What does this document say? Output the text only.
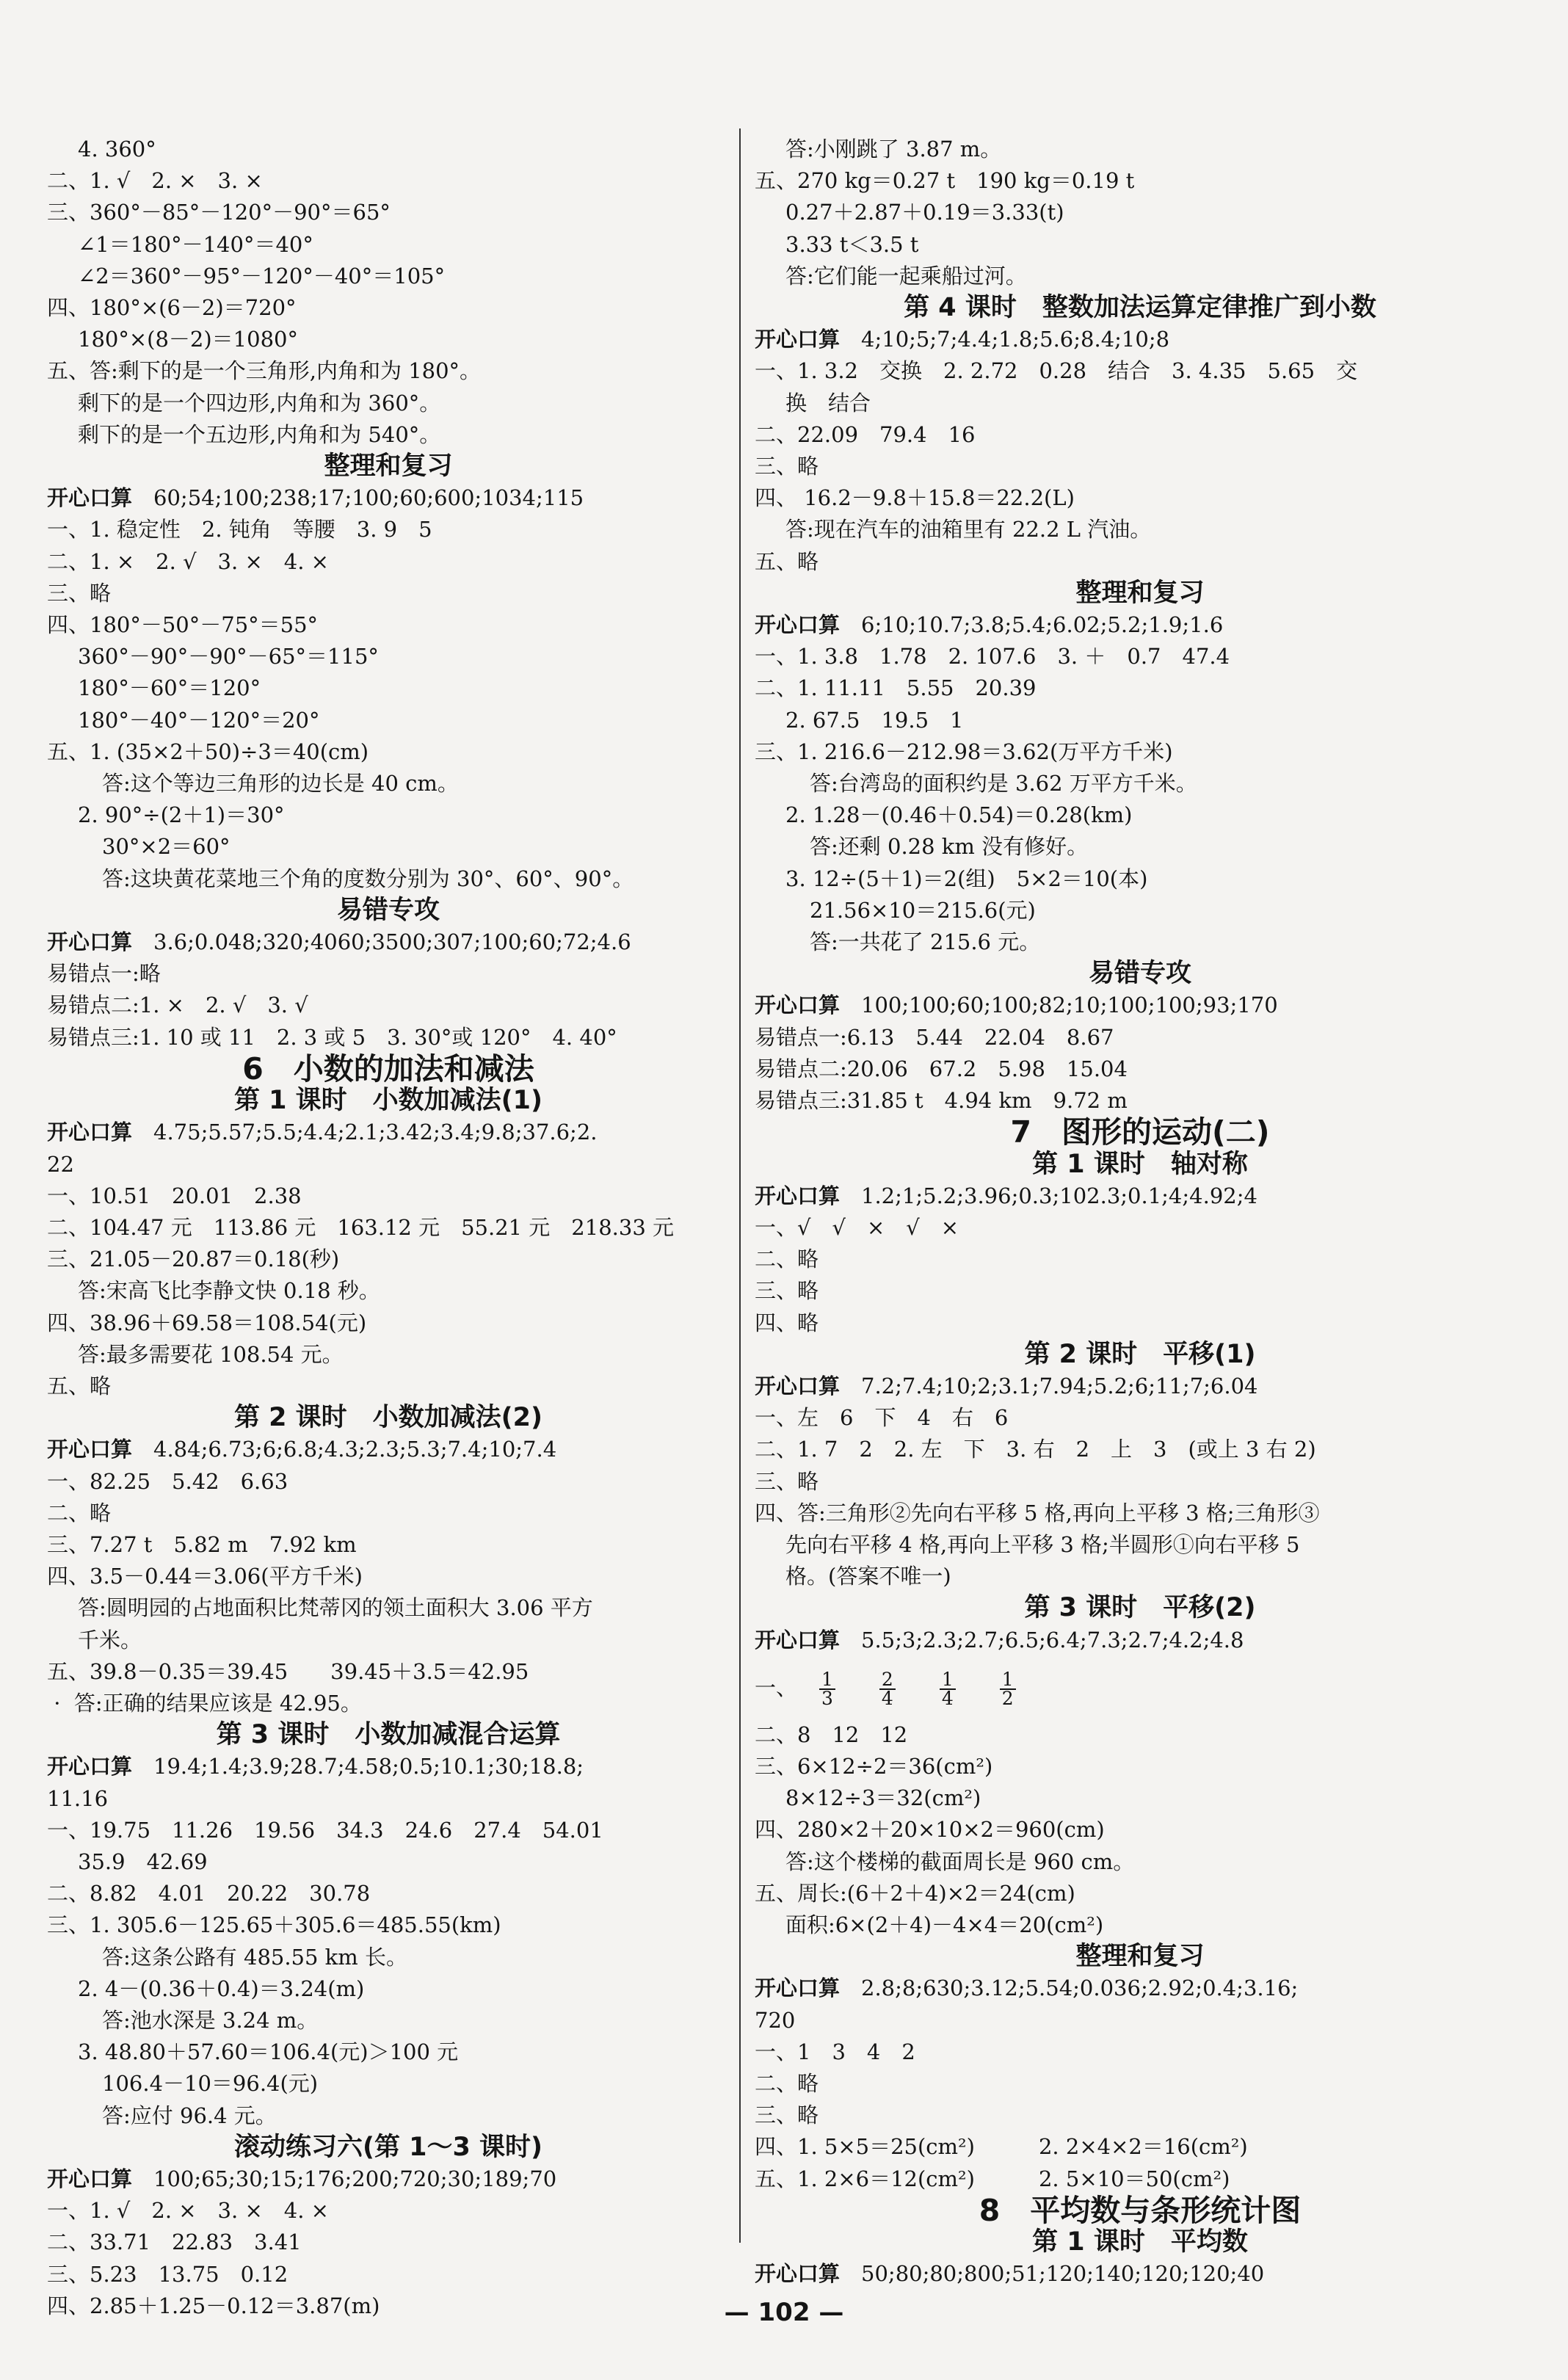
4. 360°
二、1. √　2. ×　3. ×
三、360°－85°－120°－90°＝65°
∠1＝180°－140°＝40°
∠2＝360°－95°－120°－40°＝105°
四、180°×(6－2)＝720°
180°×(8－2)＝1080°
五、答:剩下的是一个三角形,内角和为 180°。
剩下的是一个四边形,内角和为 360°。
剩下的是一个五边形,内角和为 540°。
整理和复习
开心口算　60;54;100;238;17;100;60;600;1034;115
一、1. 稳定性　2. 钝角　等腰　3. 9　5
二、1. ×　2. √　3. ×　4. ×
三、略
四、180°－50°－75°＝55°
360°－90°－90°－65°＝115°
180°－60°＝120°
180°－40°－120°＝20°
五、1. (35×2＋50)÷3＝40(cm)
答:这个等边三角形的边长是 40 cm。
2. 90°÷(2＋1)＝30°
30°×2＝60°
答:这块黄花菜地三个角的度数分别为 30°、60°、90°。
易错专攻
开心口算　3.6;0.048;320;4060;3500;307;100;60;72;4.6
易错点一:略
易错点二:1. ×　2. √　3. √
易错点三:1. 10 或 11　2. 3 或 5　3. 30°或 120°　4. 40°
6　小数的加法和减法
第 1 课时　小数加减法(1)
开心口算　4.75;5.57;5.5;4.4;2.1;3.42;3.4;9.8;37.6;2.
22
一、10.51　20.01　2.38
二、104.47 元　113.86 元　163.12 元　55.21 元　218.33 元
三、21.05－20.87＝0.18(秒)
答:宋高飞比李静文快 0.18 秒。
四、38.96＋69.58＝108.54(元)
答:最多需要花 108.54 元。
五、略
第 2 课时　小数加减法(2)
开心口算　4.84;6.73;6;6.8;4.3;2.3;5.3;7.4;10;7.4
一、82.25　5.42　6.63
二、略
三、7.27 t　5.82 m　7.92 km
四、3.5－0.44＝3.06(平方千米)
答:圆明园的占地面积比梵蒂冈的领土面积大 3.06 平方
千米。
五、39.8－0.35＝39.45　　39.45＋3.5＝42.95
·  答:正确的结果应该是 42.95。
第 3 课时　小数加减混合运算
开心口算　19.4;1.4;3.9;28.7;4.58;0.5;10.1;30;18.8;
11.16
一、19.75　11.26　19.56　34.3　24.6　27.4　54.01
35.9　42.69
二、8.82　4.01　20.22　30.78
三、1. 305.6－125.65＋305.6＝485.55(km)
答:这条公路有 485.55 km 长。
2. 4－(0.36＋0.4)＝3.24(m)
答:池水深是 3.24 m。
3. 48.80＋57.60＝106.4(元)＞100 元
106.4－10＝96.4(元)
答:应付 96.4 元。
滚动练习六(第 1～3 课时)
开心口算　100;65;30;15;176;200;720;30;189;70
一、1. √　2. ×　3. ×　4. ×
二、33.71　22.83　3.41
三、5.23　13.75　0.12
四、2.85＋1.25－0.12＝3.87(m)
答:小刚跳了 3.87 m。
五、270 kg＝0.27 t　190 kg＝0.19 t
0.27＋2.87＋0.19＝3.33(t)
3.33 t＜3.5 t
答:它们能一起乘船过河。
第 4 课时　整数加法运算定律推广到小数
开心口算　4;10;5;7;4.4;1.8;5.6;8.4;10;8
一、1. 3.2　交换　2. 2.72　0.28　结合　3. 4.35　5.65　交
换　结合
二、22.09　79.4　16
三、略
四、 16.2－9.8＋15.8＝22.2(L)
答:现在汽车的油箱里有 22.2 L 汽油。
五、略
整理和复习
开心口算　6;10;10.7;3.8;5.4;6.02;5.2;1.9;1.6
一、1. 3.8　1.78　2. 107.6　3. ＋　0.7　47.4
二、1. 11.11　5.55　20.39
2. 67.5　19.5　1
三、1. 216.6－212.98＝3.62(万平方千米)
答:台湾岛的面积约是 3.62 万平方千米。
2. 1.28－(0.46＋0.54)＝0.28(km)
答:还剩 0.28 km 没有修好。
3. 12÷(5＋1)＝2(组)　5×2＝10(本)
21.56×10＝215.6(元)
答:一共花了 215.6 元。
易错专攻
开心口算　100;100;60;100;82;10;100;100;93;170
易错点一:6.13　5.44　22.04　8.67
易错点二:20.06　67.2　5.98　15.04
易错点三:31.85 t　4.94 km　9.72 m
7　图形的运动(二)
第 1 课时　轴对称
开心口算　1.2;1;5.2;3.96;0.3;102.3;0.1;4;4.92;4
一、√　√　×　√　×
二、略
三、略
四、略
第 2 课时　平移(1)
开心口算　7.2;7.4;10;2;3.1;7.94;5.2;6;11;7;6.04
一、左　6　下　4　右　6
二、1. 7　2　2. 左　下　3. 右　2　上　3　(或上 3 右 2)
三、略
四、答:三角形②先向右平移 5 格,再向上平移 3 格;三角形③
先向右平移 4 格,再向上平移 3 格;半圆形①向右平移 5
格。(答案不唯一)
第 3 课时　平移(2)
开心口算　5.5;3;2.3;2.7;6.5;6.4;7.3;2.7;4.2;4.8
一、 $\frac{1}{3} \frac{2}{4} \frac{1}{4} \frac{1}{2}$
二、8　12　12
三、6×12÷2＝36(cm²)
8×12÷3＝32(cm²)
四、280×2＋20×10×2＝960(cm)
答:这个楼梯的截面周长是 960 cm。
五、周长:(6＋2＋4)×2＝24(cm)
面积:6×(2＋4)－4×4＝20(cm²)
整理和复习
开心口算　2.8;8;630;3.12;5.54;0.036;2.92;0.4;3.16;
720
一、1　3　4　2
二、略
三、略
四、1. 5×5＝25(cm²)　　　2. 2×4×2＝16(cm²)
五、1. 2×6＝12(cm²)　　　2. 5×10＝50(cm²)
8　平均数与条形统计图
第 1 课时　平均数
开心口算　50;80;80;800;51;120;140;120;120;40
— 102 —
